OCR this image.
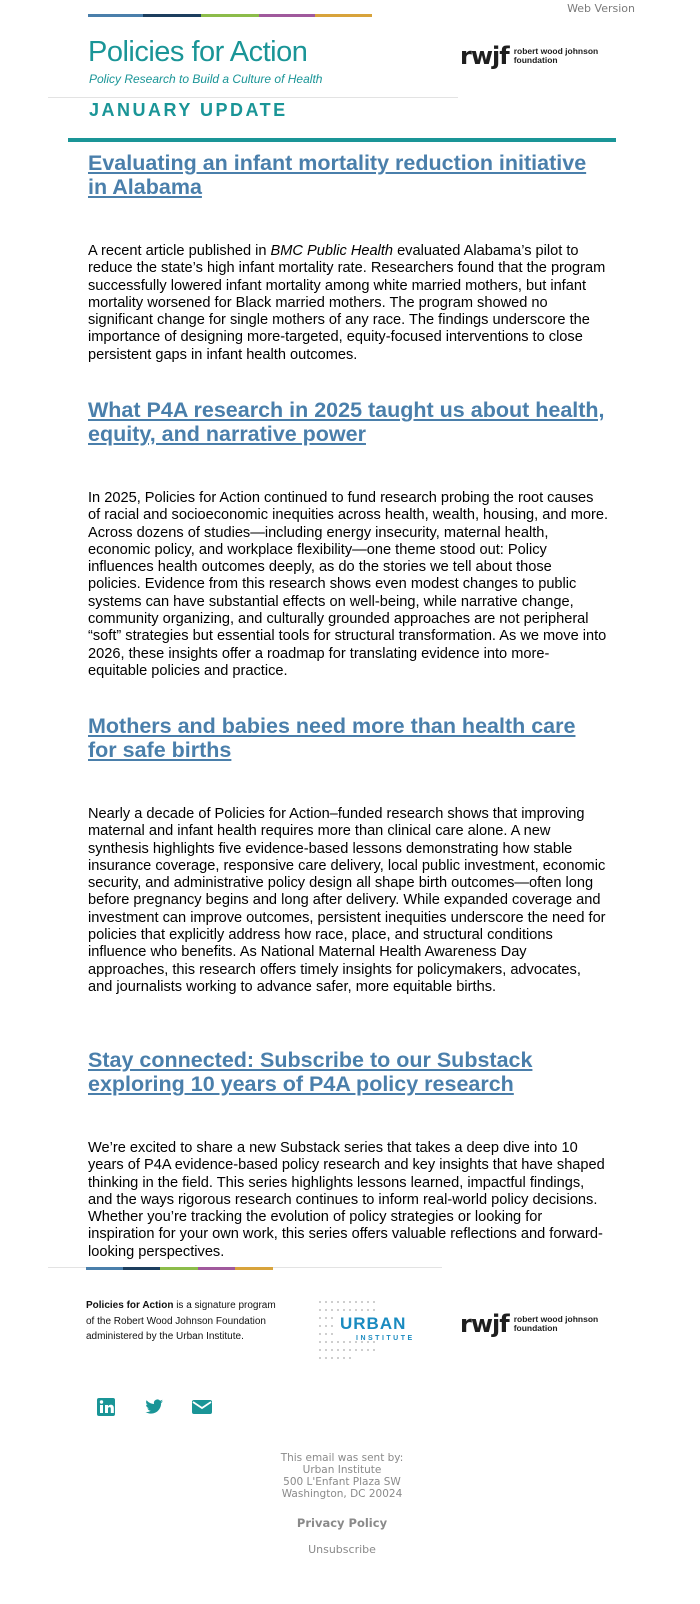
Web Version
Policies for Action
Policy Research to Build a Culture of Health
rwjf robert wood johnson
foundation
JANUARY UPDATE
Evaluating an infant mortality reduction initiative in Alabama

A recent article published in BMC Public Health evaluated Alabama’s pilot to reduce the state’s high infant mortality rate. Researchers found that the program successfully lowered infant mortality among white married mothers, but infant mortality worsened for Black married mothers. The program showed no significant change for single mothers of any race. The findings underscore the importance of designing more-targeted, equity-focused interventions to close persistent gaps in infant health outcomes.

What P4A research in 2025 taught us about health, equity, and narrative power

In 2025, Policies for Action continued to fund research probing the root causes of racial and socioeconomic inequities across health, wealth, housing, and more. Across dozens of studies—including energy insecurity, maternal health, economic policy, and workplace flexibility—one theme stood out: Policy influences health outcomes deeply, as do the stories we tell about those policies. Evidence from this research shows even modest changes to public systems can have substantial effects on well-being, while narrative change, community organizing, and culturally grounded approaches are not peripheral “soft” strategies but essential tools for structural transformation. As we move into 2026, these insights offer a roadmap for translating evidence into more-equitable policies and practice.

Mothers and babies need more than health care for safe births

Nearly a decade of Policies for Action–funded research shows that improving maternal and infant health requires more than clinical care alone. A new synthesis highlights five evidence-based lessons demonstrating how stable insurance coverage, responsive care delivery, local public investment, economic security, and administrative policy design all shape birth outcomes—often long before pregnancy begins and long after delivery. While expanded coverage and investment can improve outcomes, persistent inequities underscore the need for policies that explicitly address how race, place, and structural conditions influence who benefits. As National Maternal Health Awareness Day approaches, this research offers timely insights for policymakers, advocates, and journalists working to advance safer, more equitable births.

Stay connected: Subscribe to our Substack exploring 10 years of P4A policy research

We’re excited to share a new Substack series that takes a deep dive into 10 years of P4A evidence-based policy research and key insights that have shaped thinking in the field. This series highlights lessons learned, impactful findings, and the ways rigorous research continues to inform real-world policy decisions. Whether you’re tracking the evolution of policy strategies or looking for inspiration for your own work, this series offers valuable reflections and forward-looking perspectives.

Policies for Action is a signature program of the Robert Wood Johnson Foundation administered by the Urban Institute.
URBAN
INSTITUTE
rwjf robert wood johnson
foundation
This email was sent by:
Urban Institute
500 L'Enfant Plaza SW
Washington, DC 20024
Privacy Policy
Unsubscribe
